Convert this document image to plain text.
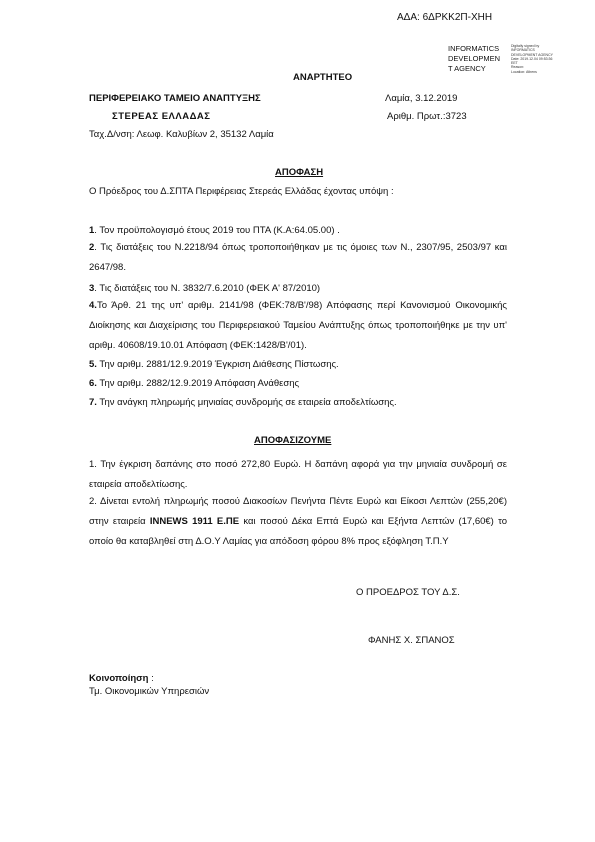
ΑΔΑ: 6ΔΡΚΚ2Π-ΧΗΗ
INFORMATICS
DEVELOPMEN
T AGENCY
Digitally signed by
INFORMATICS
DEVELOPMENT AGENCY
Date: 2019.12.04 09:53:36
EET
Reason:
Location: Athens
ΑΝΑΡΤΗΤΕΟ
ΠΕΡΙΦΕΡΕΙΑΚΟ ΤΑΜΕΙΟ ΑΝΑΠΤΥΞΗΣ
ΣΤΕΡΕΑΣ ΕΛΛΑΔΑΣ
Λαμία, 3.12.2019
Αριθμ. Πρωτ.:3723
Ταχ.Δ/νση: Λεωφ. Καλυβίων 2, 35132 Λαμία
ΑΠΟΦΑΣΗ
Ο Πρόεδρος του Δ.ΣΠΤΑ Περιφέρειας Στερεάς Ελλάδας έχοντας υπόψη :
1. Τον προϋπολογισμό έτους 2019 του ΠΤΑ (Κ.Α:64.05.00) .
2. Τις διατάξεις του Ν.2218/94 όπως τροποποιήθηκαν με τις όμοιες των Ν., 2307/95, 2503/97 και 2647/98.
3. Τις διατάξεις του Ν. 3832/7.6.2010 (ΦΕΚ Α' 87/2010)
4.Το Άρθ. 21 της υπ' αριθμ. 2141/98 (ΦΕΚ:78/Β'/98) Απόφασης περί Κανονισμού Οικονομικής Διοίκησης και Διαχείρισης του Περιφερειακού Ταμείου Ανάπτυξης όπως τροποποιήθηκε με την υπ' αριθμ. 40608/19.10.01 Απόφαση (ΦΕΚ:1428/Β'/01).
5. Την αριθμ. 2881/12.9.2019 Έγκριση Διάθεσης Πίστωσης.
6. Την αριθμ. 2882/12.9.2019 Απόφαση Ανάθεσης
7. Την ανάγκη πληρωμής μηνιαίας συνδρομής σε εταιρεία αποδελτίωσης.
ΑΠΟΦΑΣΙΖΟΥΜΕ
1. Την έγκριση δαπάνης στο ποσό 272,80 Ευρώ. Η δαπάνη αφορά για την μηνιαία συνδρομή σε εταιρεία αποδελτίωσης.
2. Δίνεται εντολή πληρωμής ποσού Διακοσίων Πενήντα Πέντε Ευρώ και Είκοσι Λεπτών (255,20€) στην εταιρεία INNEWS 1911 Ε.ΠΕ και ποσού Δέκα Επτά Ευρώ και Εξήντα Λεπτών (17,60€) το οποίο θα καταβληθεί στη Δ.Ο.Υ Λαμίας για απόδοση φόρου 8% προς εξόφληση Τ.Π.Υ
Ο ΠΡΟΕΔΡΟΣ ΤΟΥ Δ.Σ.
ΦΑΝΗΣ Χ. ΣΠΑΝΟΣ
Κοινοποίηση :
Τμ. Οικονομικών Υπηρεσιών
